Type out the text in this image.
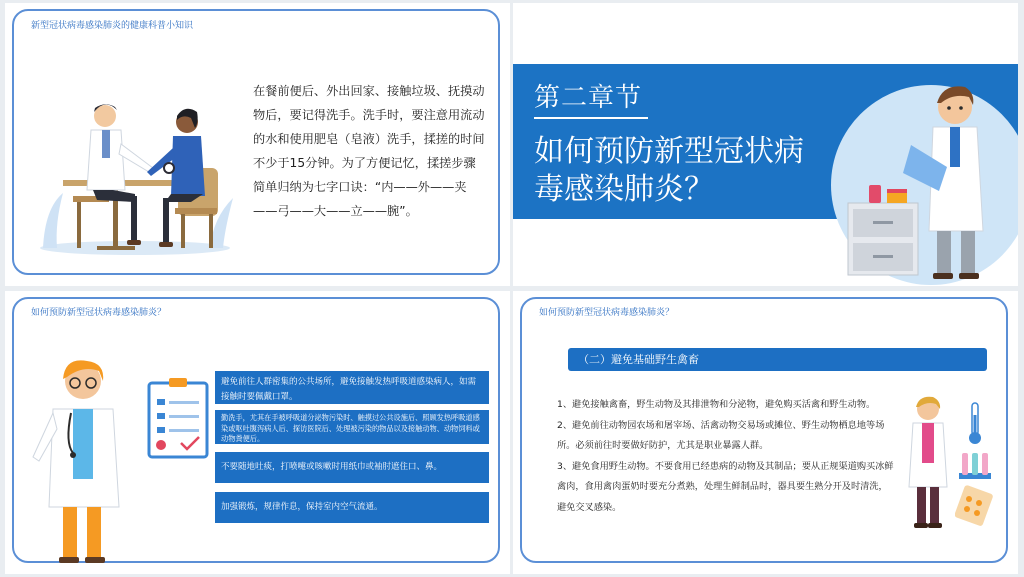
新型冠状病毒感染肺炎的健康科普小知识
在餐前便后、外出回家、接触垃圾、抚摸动物后，要记得洗手。洗手时，要注意用流动的水和使用肥皂（皂液）洗手，揉搓的时间不少于15分钟。为了方便记忆，揉搓步骤简单归纳为七字口诀：“内——外——夹——弓——大——立——腕”。
第二章节
如何预防新型冠状病毒感染肺炎？
如何预防新型冠状病毒感染肺炎？
避免前往人群密集的公共场所，避免接触发热呼吸道感染病人，如需接触时要佩戴口罩。
勤洗手，尤其在手被呼吸道分泌物污染时、触摸过公共设施后、照顾发热呼吸道感染或呕吐腹泻病人后、探访医院后、处理被污染的物品以及接触动物、动物饲料或动物粪便后。
不要随地吐痰，打喷嚏或咳嗽时用纸巾或袖肘遮住口、鼻。
加强锻炼，规律作息，保持室内空气流通。
如何预防新型冠状病毒感染肺炎？
（二）避免基础野生禽畜
1、避免接触禽畜，野生动物及其排泄物和分泌物，避免购买活禽和野生动物。
2、避免前往动物园农场和屠宰场、活禽动物交易场或摊位、野生动物栖息地等场所。必须前往时要做好防护，尤其是职业暴露人群。
3、避免食用野生动物。不要食用已经患病的动物及其制品；要从正规渠道购买冰鲜禽肉，食用禽肉蛋奶时要充分煮熟，处理生鲜制品时，器具要生熟分开及时清洗，避免交叉感染。
